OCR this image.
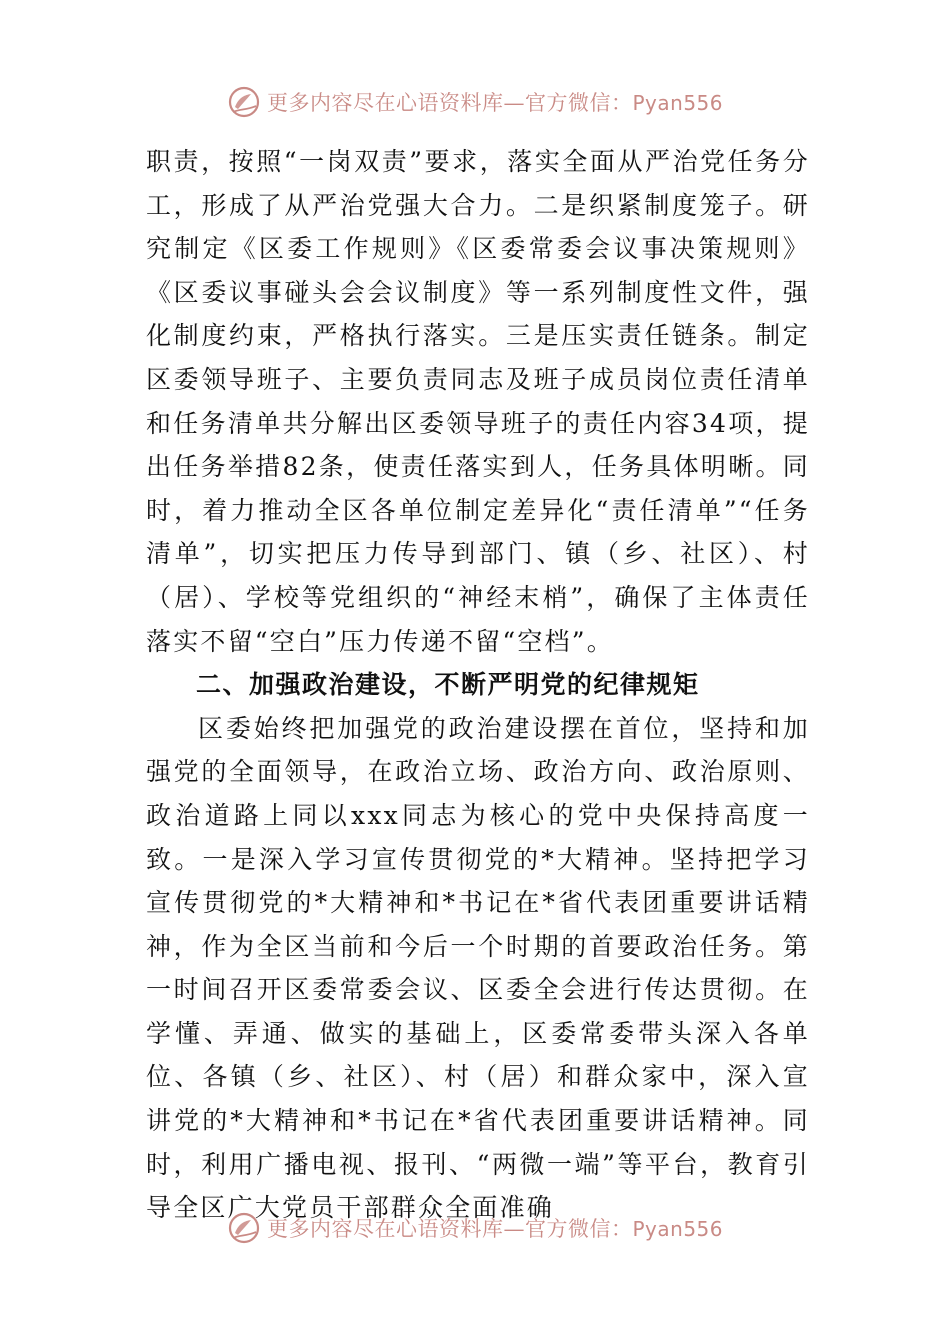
更多内容尽在心语资料库—官方微信：Pyan556

职责，按照“一岗双责”要求，落实全面从严治党任务分工，形成了从严治党强大合力。二是织紧制度笼子。研究制定《区委工作规则》《区委常委会议事决策规则》《区委议事碰头会会议制度》等一系列制度性文件，强化制度约束，严格执行落实。三是压实责任链条。制定区委领导班子、主要负责同志及班子成员岗位责任清单和任务清单共分解出区委领导班子的责任内容34项，提出任务举措82条，使责任落实到人，任务具体明晰。同时，着力推动全区各单位制定差异化“责任清单”“任务清单”，切实把压力传导到部门、镇（乡、社区）、村（居）、学校等党组织的“神经末梢”，确保了主体责任落实不留“空白”压力传递不留“空档”。

二、加强政治建设，不断严明党的纪律规矩

区委始终把加强党的政治建设摆在首位，坚持和加强党的全面领导，在政治立场、政治方向、政治原则、政治道路上同以xxx同志为核心的党中央保持高度一致。一是深入学习宣传贯彻党的*大精神。坚持把学习宣传贯彻党的*大精神和*书记在*省代表团重要讲话精神，作为全区当前和今后一个时期的首要政治任务。第一时间召开区委常委会议、区委全会进行传达贯彻。在学懂、弄通、做实的基础上，区委常委带头深入各单位、各镇（乡、社区）、村（居）和群众家中，深入宣讲党的*大精神和*书记在*省代表团重要讲话精神。同时，利用广播电视、报刊、“两微一端”等平台，教育引导全区广大党员干部群众全面准确

更多内容尽在心语资料库—官方微信：Pyan556
